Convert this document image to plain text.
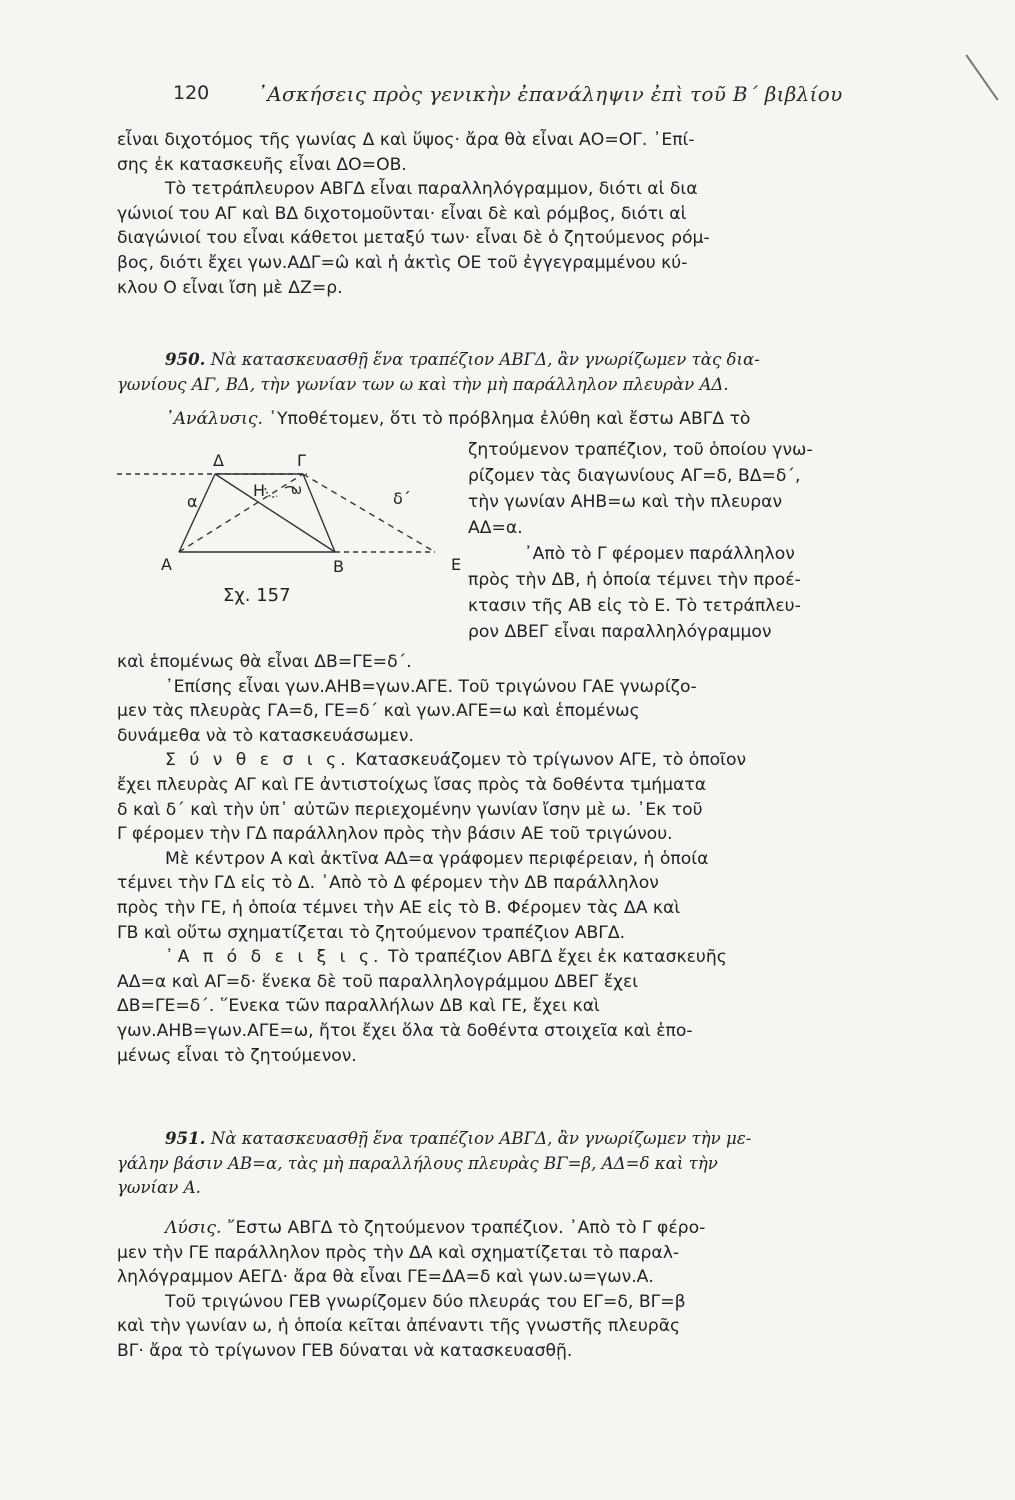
120 ᾽Ασκήσεις πρὸς γενικὴν ἐπανάληψιν ἐπὶ τοῦ Β΄ βιβλίου
εἶναι διχοτόμος τῆς γωνίας Δ καὶ ὕψος· ἄρα θὰ εἶναι ΑΟ=ΟΓ. ᾽Επί-
σης ἐκ κατασκευῆς εἶναι ΔΟ=ΟΒ.
Τὸ τετράπλευρον ΑΒΓΔ εἶναι παραλληλόγραμμον, διότι αἱ δια
γώνιοί του ΑΓ καὶ ΒΔ διχοτομοῦνται· εἶναι δὲ καὶ ρόμβος, διότι αἱ
διαγώνιοί του εἶναι κάθετοι μεταξύ των· εἶναι δὲ ὁ ζητούμενος ρόμ-
βος, διότι ἔχει γων.ΑΔΓ=ω̂ καὶ ἡ ἀκτὶς ΟΕ τοῦ ἐγγεγραμμένου κύ-
κλου Ο εἶναι ἴση μὲ ΔΖ=ρ.
950. Νὰ κατασκευασθῇ ἕνα τραπέζιον ΑΒΓΔ, ἂν γνωρίζωμεν τὰς δια-
γωνίους ΑΓ, ΒΔ, τὴν γωνίαν των ω καὶ τὴν μὴ παράλληλον πλευρὰν ΑΔ.
᾽Ανάλυσις. ῾Υποθέτομεν, ὅτι τὸ πρόβλημα ἐλύθη καὶ ἔστω ΑΒΓΔ τὸ
Δ	Γ
Η ω
α	δ΄
Α	Β	Ε
Σχ. 157
ζητούμενον τραπέζιον, τοῦ ὁποίου γνω-
ρίζομεν τὰς διαγωνίους ΑΓ=δ, ΒΔ=δ΄,
τὴν γωνίαν ΑΗΒ=ω καὶ τὴν πλευραν
ΑΔ=α.
᾽Απὸ τὸ Γ φέρομεν παράλληλον
πρὸς τὴν ΔΒ, ἡ ὁποία τέμνει τὴν προέ-
κτασιν τῆς ΑΒ εἰς τὸ Ε. Τὸ τετράπλευ-
ρον ΔΒΕΓ εἶναι παραλληλόγραμμον
καὶ ἑπομένως θὰ εἶναι ΔΒ=ΓΕ=δ΄.
᾽Επίσης εἶναι γων.ΑΗΒ=γων.ΑΓΕ. Τοῦ τριγώνου ΓΑΕ γνωρίζο-
μεν τὰς πλευρὰς ΓΑ=δ, ΓΕ=δ΄ καὶ γων.ΑΓΕ=ω καὶ ἑπομένως
δυνάμεθα νὰ τὸ κατασκευάσωμεν.
Σ ύ ν θ ε σ ι ς. Κατασκευάζομεν τὸ τρίγωνον ΑΓΕ, τὸ ὁποῖον
ἔχει πλευρὰς ΑΓ καὶ ΓΕ ἀντιστοίχως ἴσας πρὸς τὰ δοθέντα τμήματα
δ καὶ δ΄ καὶ τὴν ὑπ᾽ αὐτῶν περιεχομένην γωνίαν ἴσην μὲ ω. ᾽Εκ τοῦ
Γ φέρομεν τὴν ΓΔ παράλληλον πρὸς τὴν βάσιν ΑΕ τοῦ τριγώνου.
Μὲ κέντρον Α καὶ ἀκτῖνα ΑΔ=α γράφομεν περιφέρειαν, ἡ ὁποία
τέμνει τὴν ΓΔ εἰς τὸ Δ. ᾽Απὸ τὸ Δ φέρομεν τὴν ΔΒ παράλληλον
πρὸς τὴν ΓΕ, ἡ ὁποία τέμνει τὴν ΑΕ εἰς τὸ Β. Φέρομεν τὰς ΔΑ καὶ
ΓΒ καὶ οὕτω σχηματίζεται τὸ ζητούμενον τραπέζιον ΑΒΓΔ.
᾽Α π ό δ ε ι ξ ι ς. Τὸ τραπέζιον ΑΒΓΔ ἔχει ἐκ κατασκευῆς
ΑΔ=α καὶ ΑΓ=δ· ἕνεκα δὲ τοῦ παραλληλογράμμου ΔΒΕΓ ἔχει
ΔΒ=ΓΕ=δ΄. ῞Ενεκα τῶν παραλλήλων ΔΒ καὶ ΓΕ, ἔχει καὶ
γων.ΑΗΒ=γων.ΑΓΕ=ω, ἤτοι ἔχει ὅλα τὰ δοθέντα στοιχεῖα καὶ ἑπο-
μένως εἶναι τὸ ζητούμενον.
951. Νὰ κατασκευασθῇ ἕνα τραπέζιον ΑΒΓΔ, ἂν γνωρίζωμεν τὴν με-
γάλην βάσιν ΑΒ=α, τὰς μὴ παραλλήλους πλευρὰς ΒΓ=β, ΑΔ=δ καὶ τὴν
γωνίαν Α.
Λύσις. ῎Εστω ΑΒΓΔ τὸ ζητούμενον τραπέζιον. ᾽Απὸ τὸ Γ φέρο-
μεν τὴν ΓΕ παράλληλον πρὸς τὴν ΔΑ καὶ σχηματίζεται τὸ παραλ-
ληλόγραμμον ΑΕΓΔ· ἄρα θὰ εἶναι ΓΕ=ΔΑ=δ καὶ γων.ω=γων.Α.
Τοῦ τριγώνου ΓΕΒ γνωρίζομεν δύο πλευράς του ΕΓ=δ, ΒΓ=β
καὶ τὴν γωνίαν ω, ἡ ὁποία κεῖται ἀπέναντι τῆς γνωστῆς πλευρᾶς
ΒΓ· ἄρα τὸ τρίγωνον ΓΕΒ δύναται νὰ κατασκευασθῇ.
